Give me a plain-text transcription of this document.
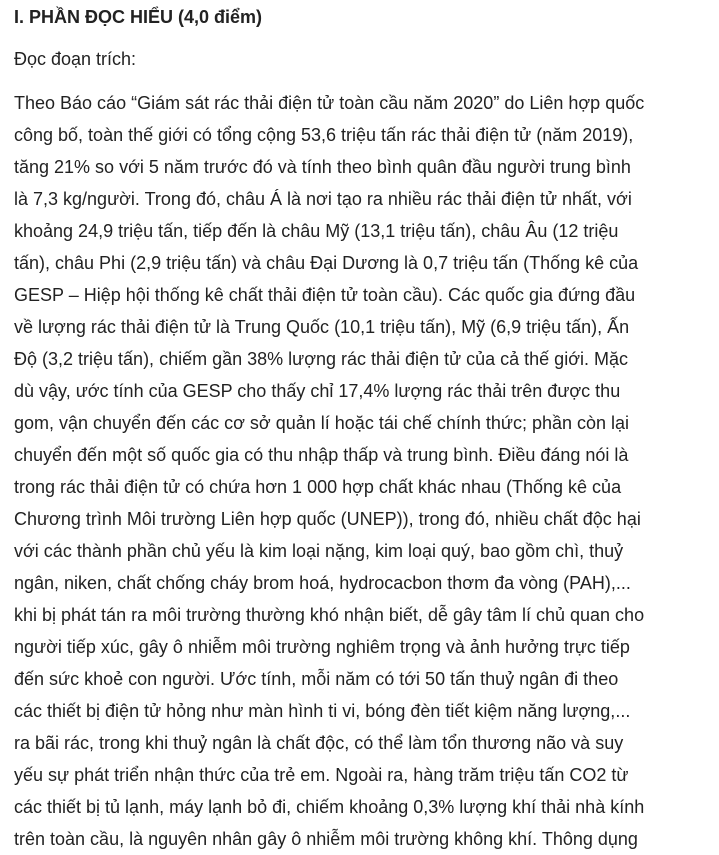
I. PHẦN ĐỌC HIỂU (4,0 điểm)

Đọc đoạn trích:

Theo Báo cáo “Giám sát rác thải điện tử toàn cầu năm 2020” do Liên hợp quốc
công bố, toàn thế giới có tổng cộng 53,6 triệu tấn rác thải điện tử (năm 2019),
tăng 21% so với 5 năm trước đó và tính theo bình quân đầu người trung bình
là 7,3 kg/người. Trong đó, châu Á là nơi tạo ra nhiều rác thải điện tử nhất, với
khoảng 24,9 triệu tấn, tiếp đến là châu Mỹ (13,1 triệu tấn), châu Âu (12 triệu
tấn), châu Phi (2,9 triệu tấn) và châu Đại Dương là 0,7 triệu tấn (Thống kê của
GESP – Hiệp hội thống kê chất thải điện tử toàn cầu). Các quốc gia đứng đầu
về lượng rác thải điện tử là Trung Quốc (10,1 triệu tấn), Mỹ (6,9 triệu tấn), Ấn
Độ (3,2 triệu tấn), chiếm gần 38% lượng rác thải điện tử của cả thế giới. Mặc
dù vậy, ước tính của GESP cho thấy chỉ 17,4% lượng rác thải trên được thu
gom, vận chuyển đến các cơ sở quản lí hoặc tái chế chính thức; phần còn lại
chuyển đến một số quốc gia có thu nhập thấp và trung bình. Điều đáng nói là
trong rác thải điện tử có chứa hơn 1 000 hợp chất khác nhau (Thống kê của
Chương trình Môi trường Liên hợp quốc (UNEP)), trong đó, nhiều chất độc hại
với các thành phần chủ yếu là kim loại nặng, kim loại quý, bao gồm chì, thuỷ
ngân, niken, chất chống cháy brom hoá, hydrocacbon thơm đa vòng (PAH),...
khi bị phát tán ra môi trường thường khó nhận biết, dễ gây tâm lí chủ quan cho
người tiếp xúc, gây ô nhiễm môi trường nghiêm trọng và ảnh hưởng trực tiếp
đến sức khoẻ con người. Ước tính, mỗi năm có tới 50 tấn thuỷ ngân đi theo
các thiết bị điện tử hỏng như màn hình ti vi, bóng đèn tiết kiệm năng lượng,...
ra bãi rác, trong khi thuỷ ngân là chất độc, có thể làm tổn thương não và suy
yếu sự phát triển nhận thức của trẻ em. Ngoài ra, hàng trăm triệu tấn CO2 từ
các thiết bị tủ lạnh, máy lạnh bỏ đi, chiếm khoảng 0,3% lượng khí thải nhà kính
trên toàn cầu, là nguyên nhân gây ô nhiễm môi trường không khí. Thông dụng
